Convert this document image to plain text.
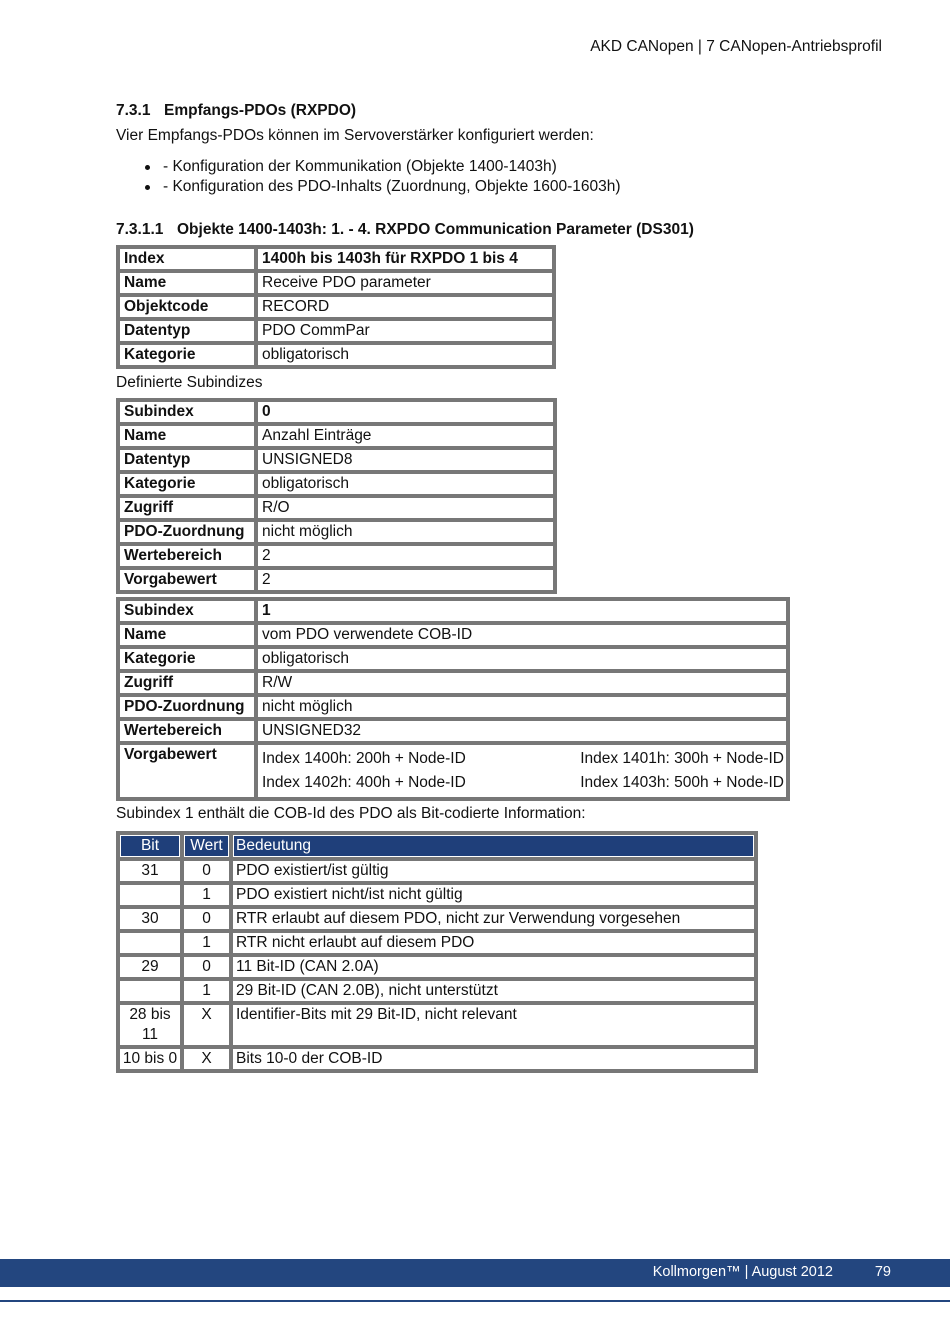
AKD CANopen | 7 CANopen-Antriebsprofil
7.3.1 Empfangs-PDOs (RXPDO)
Vier Empfangs-PDOs können im Servoverstärker konfiguriert werden:
- Konfiguration der Kommunikation (Objekte 1400-1403h)
- Konfiguration des PDO-Inhalts (Zuordnung, Objekte 1600-1603h)
7.3.1.1 Objekte 1400-1403h: 1. - 4. RXPDO Communication Parameter (DS301)
Index	1400h bis 1403h für RXPDO 1 bis 4
Name	Receive PDO parameter
Objektcode	RECORD
Datentyp	PDO CommPar
Kategorie	obligatorisch
Definierte Subindizes
Subindex	0
Name	Anzahl Einträge
Datentyp	UNSIGNED8
Kategorie	obligatorisch
Zugriff	R/O
PDO-Zuordnung	nicht möglich
Wertebereich	2
Vorgabewert	2
Subindex	1
Name	vom PDO verwendete COB-ID
Kategorie	obligatorisch
Zugriff	R/W
PDO-Zuordnung	nicht möglich
Wertebereich	UNSIGNED32
Vorgabewert	Index 1400h: 200h + Node-ID Index 1401h: 300h + Node-ID
Index 1402h: 400h + Node-ID Index 1403h: 500h + Node-ID
Subindex 1 enthält die COB-Id des PDO als Bit-codierte Information:
Bit	Wert	Bedeutung

31	0	PDO existiert/ist gültig
	1	PDO existiert nicht/ist nicht gültig
30	0	RTR erlaubt auf diesem PDO, nicht zur Verwendung vorgesehen
	1	RTR nicht erlaubt auf diesem PDO
29	0	11 Bit-ID (CAN 2.0A)
	1	29 Bit-ID (CAN 2.0B), nicht unterstützt
28 bis 11	X	Identifier-Bits mit 29 Bit-ID, nicht relevant
10 bis 0	X	Bits 10-0 der COB-ID
Kollmorgen™ | August 2012	79
